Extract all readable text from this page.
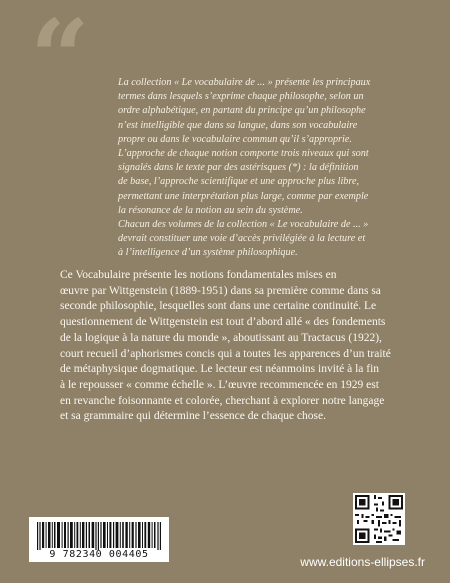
“	La collection « Le vocabulaire de ... » présente les principaux

termes dans lesquels s’exprime chaque philosophe, selon un

ordre alphabétique, en partant du principe qu’un philosophe

n’est intelligible que dans sa langue, dans son vocabulaire

propre ou dans le vocabulaire commun qu’il s’approprie.

L’approche de chaque notion comporte trois niveaux qui sont

signalés dans le texte par des astérisques (*) : la définition

de base, l’approche scientifique et une approche plus libre,

permettant une interprétation plus large, comme par exemple

la résonance de la notion au sein du système.

Chacun des volumes de la collection « Le vocabulaire de ... »

devrait constituer une voie d’accès privilégiée à la lecture et

à l’intelligence d’un système philosophique.

Ce Vocabulaire présente les notions fondamentales mises en

œuvre par Wittgenstein (1889-1951) dans sa première comme dans sa

seconde philosophie, lesquelles sont dans une certaine continuité. Le

questionnement de Wittgenstein est tout d’abord allé « des fondements

de la logique à la nature du monde », aboutissant au Tractacus (1922),

court recueil d’aphorismes concis qui a toutes les apparences d’un traité

de métaphysique dogmatique. Le lecteur est néanmoins invité à la fin

à le repousser « comme échelle ». L’œuvre recommencée en 1929 est

en revanche foisonnante et colorée, cherchant à explorer notre langage

et sa grammaire qui détermine l’essence de chaque chose.

9 782340 004405
www.editions-ellipses.fr
